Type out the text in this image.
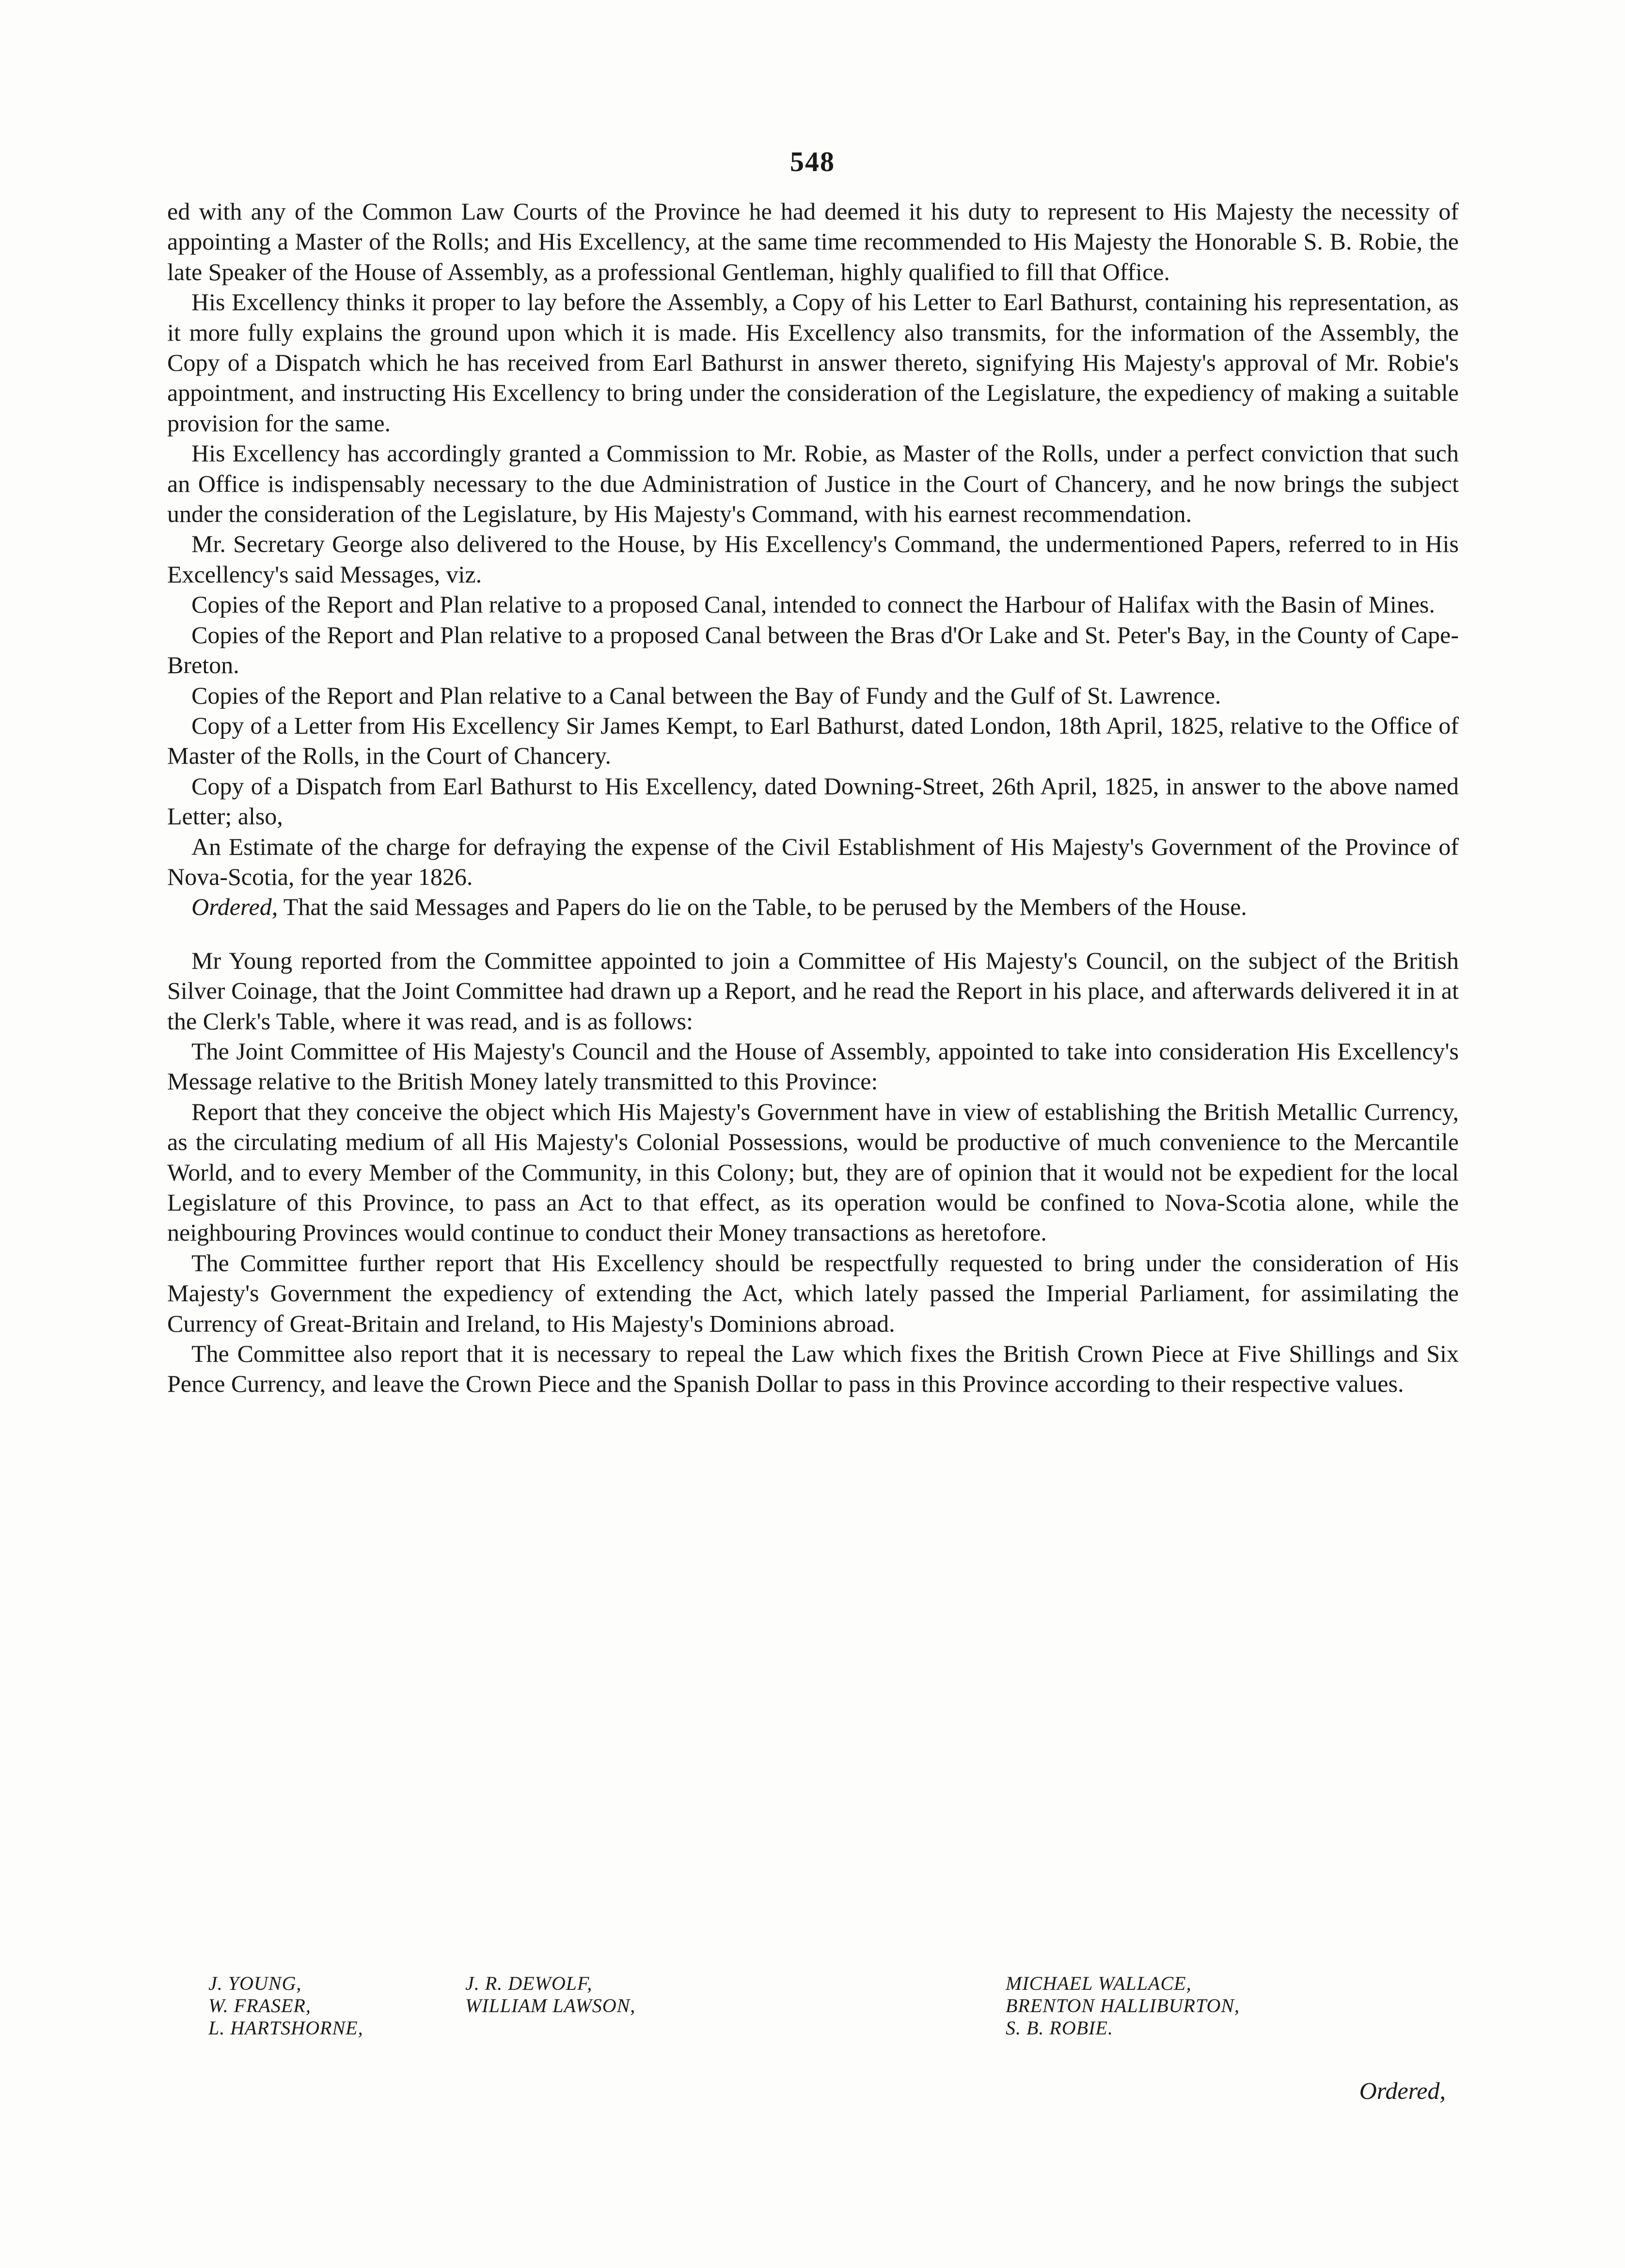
548

ed with any of the Common Law Courts of the Province he had deemed it his duty to represent to His Majesty the necessity of appointing a Master of the Rolls; and His Excellency, at the same time recommended to His Majesty the Honorable S. B. Robie, the late Speaker of the House of Assembly, as a professional Gentleman, highly qualified to fill that Office.

His Excellency thinks it proper to lay before the Assembly, a Copy of his Letter to Earl Bathurst, containing his representation, as it more fully explains the ground upon which it is made. His Excellency also transmits, for the information of the Assembly, the Copy of a Dispatch which he has received from Earl Bathurst in answer thereto, signifying His Majesty's approval of Mr. Robie's appointment, and instructing His Excellency to bring under the consideration of the Legislature, the expediency of making a suitable provision for the same.

His Excellency has accordingly granted a Commission to Mr. Robie, as Master of the Rolls, under a perfect conviction that such an Office is indispensably necessary to the due Administration of Justice in the Court of Chancery, and he now brings the subject under the consideration of the Legislature, by His Majesty's Command, with his earnest recommendation.

Mr. Secretary George also delivered to the House, by His Excellency's Command, the undermentioned Papers, referred to in His Excellency's said Messages, viz.

Copies of the Report and Plan relative to a proposed Canal, intended to connect the Harbour of Halifax with the Basin of Mines.

Copies of the Report and Plan relative to a proposed Canal between the Bras d'Or Lake and St. Peter's Bay, in the County of Cape-Breton.

Copies of the Report and Plan relative to a Canal between the Bay of Fundy and the Gulf of St. Lawrence.

Copy of a Letter from His Excellency Sir James Kempt, to Earl Bathurst, dated London, 18th April, 1825, relative to the Office of Master of the Rolls, in the Court of Chancery.

Copy of a Dispatch from Earl Bathurst to His Excellency, dated Downing-Street, 26th April, 1825, in answer to the above named Letter; also,

An Estimate of the charge for defraying the expense of the Civil Establishment of His Majesty's Government of the Province of Nova-Scotia, for the year 1826.

Ordered, That the said Messages and Papers do lie on the Table, to be perused by the Members of the House.

Mr Young reported from the Committee appointed to join a Committee of His Majesty's Council, on the subject of the British Silver Coinage, that the Joint Committee had drawn up a Report, and he read the Report in his place, and afterwards delivered it in at the Clerk's Table, where it was read, and is as follows:

The Joint Committee of His Majesty's Council and the House of Assembly, appointed to take into consideration His Excellency's Message relative to the British Money lately transmitted to this Province:

Report that they conceive the object which His Majesty's Government have in view of establishing the British Metallic Currency, as the circulating medium of all His Majesty's Colonial Possessions, would be productive of much convenience to the Mercantile World, and to every Member of the Community, in this Colony; but, they are of opinion that it would not be expedient for the local Legislature of this Province, to pass an Act to that effect, as its operation would be confined to Nova-Scotia alone, while the neighbouring Provinces would continue to conduct their Money transactions as heretofore.

The Committee further report that His Excellency should be respectfully requested to bring under the consideration of His Majesty's Government the expediency of extending the Act, which lately passed the Imperial Parliament, for assimilating the Currency of Great-Britain and Ireland, to His Majesty's Dominions abroad.

The Committee also report that it is necessary to repeal the Law which fixes the British Crown Piece at Five Shillings and Six Pence Currency, and leave the Crown Piece and the Spanish Dollar to pass in this Province according to their respective values.

J. YOUNG,
W. FRASER,
L. HARTSHORNE,
J. R. DEWOLF,
WILLIAM LAWSON,
MICHAEL WALLACE,
BRENTON HALLIBURTON,
S. B. ROBIE.
Ordered,
